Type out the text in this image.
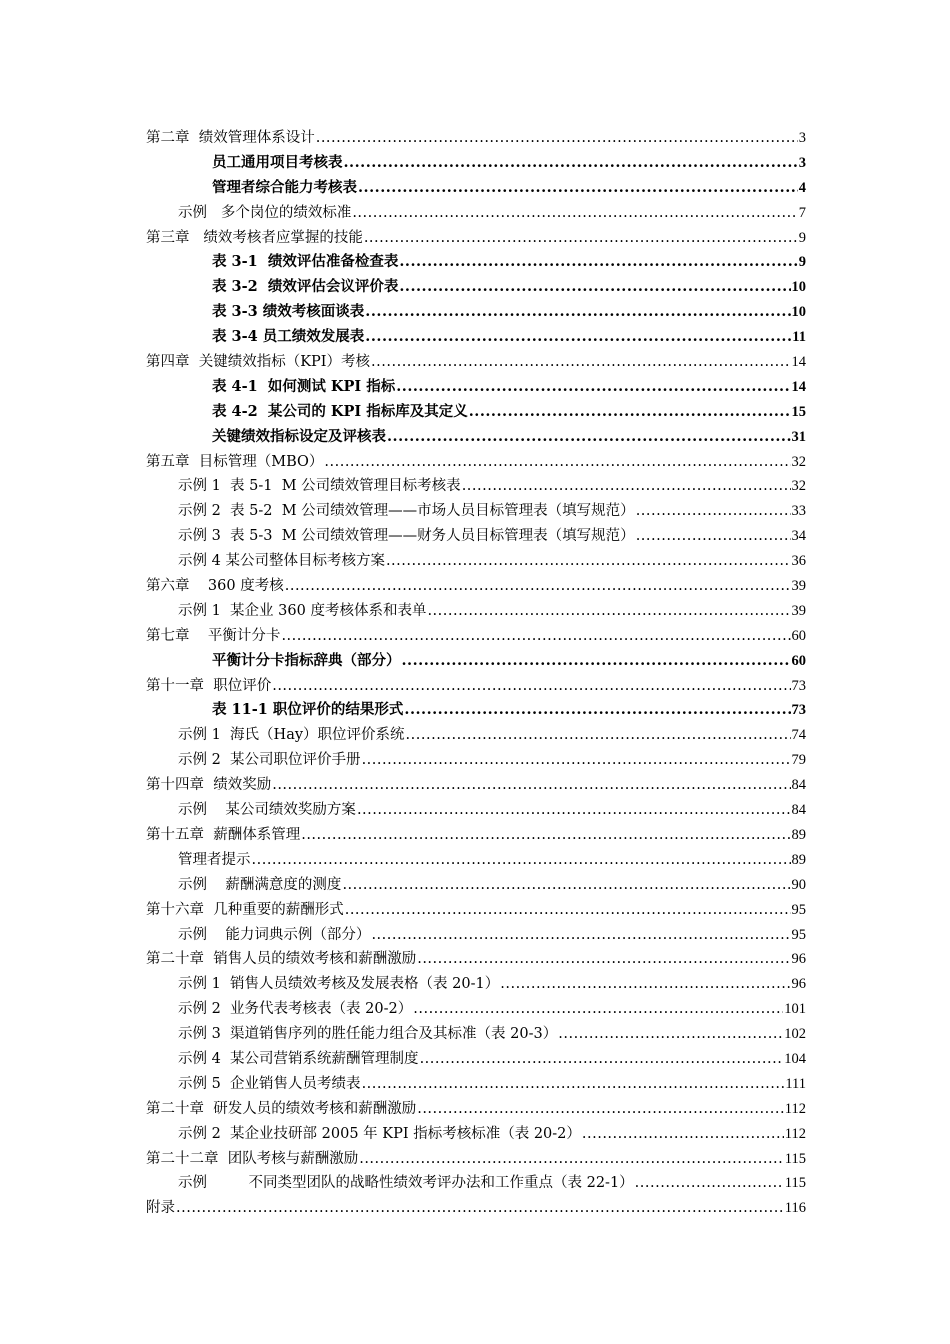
第二章  绩效管理体系设计 .....	3
员工通用项目考核表 .....	3
管理者综合能力考核表 .....	4
示例   多个岗位的绩效标准 .....	7
第三章   绩效考核者应掌握的技能 .....	9
表 3-1  绩效评估准备检查表 .....	9
表 3-2  绩效评估会议评价表 .....	10
表 3-3 绩效考核面谈表 .....	10
表 3-4 员工绩效发展表 .....	11
第四章  关键绩效指标（KPI）考核 .....	14
表 4-1  如何测试 KPI 指标 .....	14
表 4-2  某公司的 KPI 指标库及其定义 .....	15
关键绩效指标设定及评核表 .....	31
第五章  目标管理（MBO） .....	32
示例 1  表 5-1  M 公司绩效管理目标考核表 .....	32
示例 2  表 5-2  M 公司绩效管理——市场人员目标管理表（填写规范） .....	33
示例 3  表 5-3  M 公司绩效管理——财务人员目标管理表（填写规范） .....	34
示例 4 某公司整体目标考核方案 .....	36
第六章    360 度考核 .....	39
示例 1  某企业 360 度考核体系和表单 .....	39
第七章    平衡计分卡 .....	60
平衡计分卡指标辞典（部分） .....	60
第十一章  职位评价 .....	73
表 11-1 职位评价的结果形式 .....	73
示例 1  海氏（Hay）职位评价系统 .....	74
示例 2  某公司职位评价手册 .....	79
第十四章  绩效奖励 .....	84
示例    某公司绩效奖励方案 .....	84
第十五章  薪酬体系管理 .....	89
管理者提示 .....	89
示例    薪酬满意度的测度 .....	90
第十六章  几种重要的薪酬形式 .....	95
示例    能力词典示例（部分） .....	95
第二十章  销售人员的绩效考核和薪酬激励 .....	96
示例 1  销售人员绩效考核及发展表格（表 20-1） .....	96
示例 2  业务代表考核表（表 20-2） .....	101
示例 3  渠道销售序列的胜任能力组合及其标准（表 20-3） .....	102
示例 4  某公司营销系统薪酬管理制度 .....	104
示例 5  企业销售人员考绩表 .....	111
第二十章  研发人员的绩效考核和薪酬激励 .....	112
示例 2  某企业技研部 2005 年 KPI 指标考核标准（表 20-2） .....	112
第二十二章  团队考核与薪酬激励 .....	115
示例         不同类型团队的战略性绩效考评办法和工作重点（表 22-1） .....	115
附录 .....	116
